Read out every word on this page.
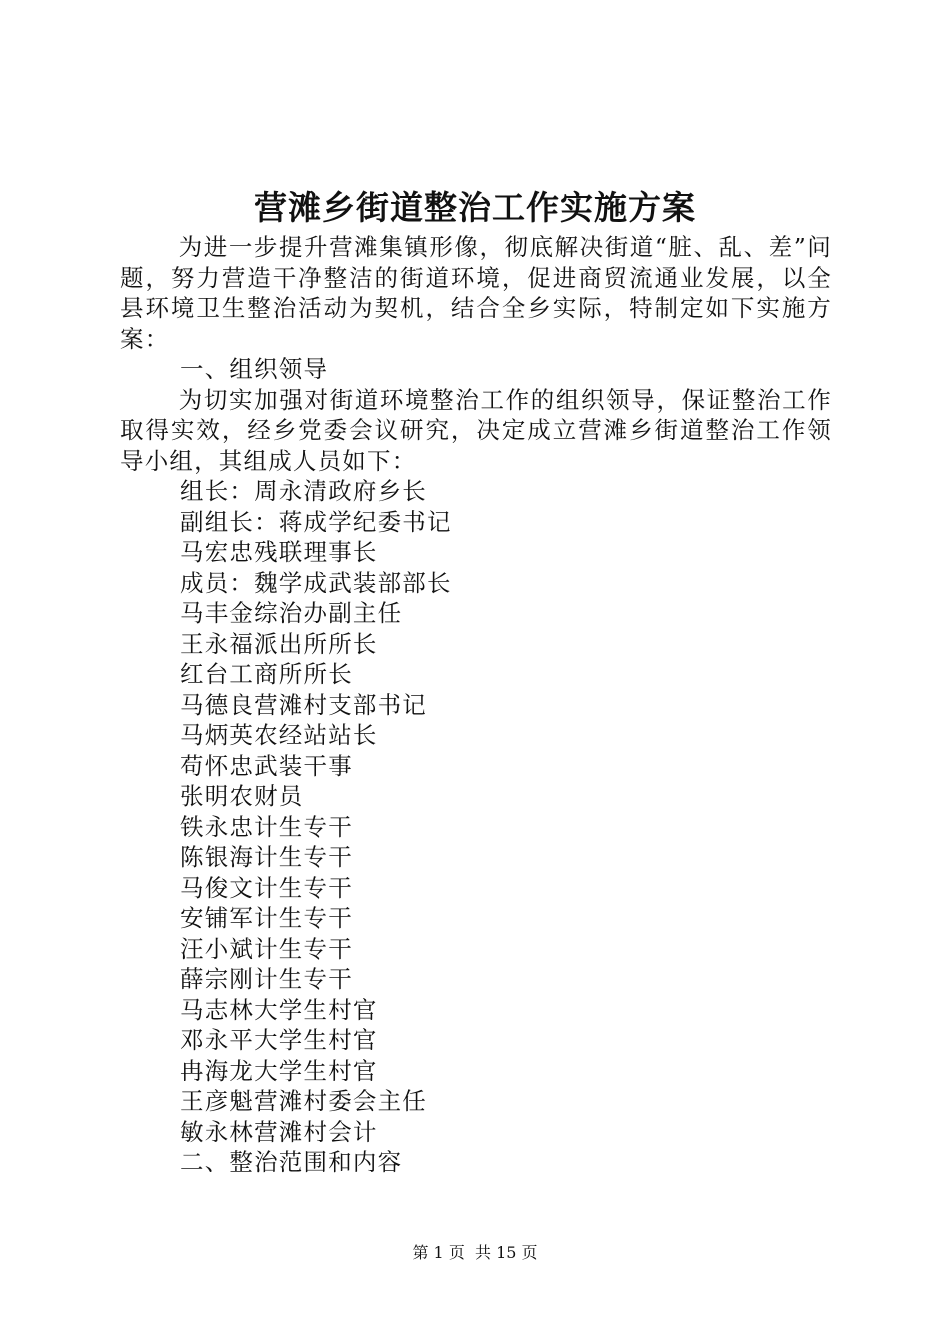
营滩乡街道整治工作实施方案

为进一步提升营滩集镇形像，彻底解决街道“脏、乱、差”问题，努力营造干净整洁的街道环境，促进商贸流通业发展，以全县环境卫生整治活动为契机，结合全乡实际，特制定如下实施方案：

一、组织领导

为切实加强对街道环境整治工作的组织领导，保证整治工作取得实效，经乡党委会议研究，决定成立营滩乡街道整治工作领导小组，其组成人员如下：

组长：周永清政府乡长

副组长：蒋成学纪委书记

马宏忠残联理事长

成员：魏学成武装部部长

马丰金综治办副主任

王永福派出所所长

红台工商所所长

马德良营滩村支部书记

马炳英农经站站长

苟怀忠武装干事

张明农财员

铁永忠计生专干

陈银海计生专干

马俊文计生专干

安铺军计生专干

汪小斌计生专干

薛宗刚计生专干

马志林大学生村官

邓永平大学生村官

冉海龙大学生村官

王彦魁营滩村委会主任

敏永林营滩村会计

二、整治范围和内容

第 1 页  共 15 页
